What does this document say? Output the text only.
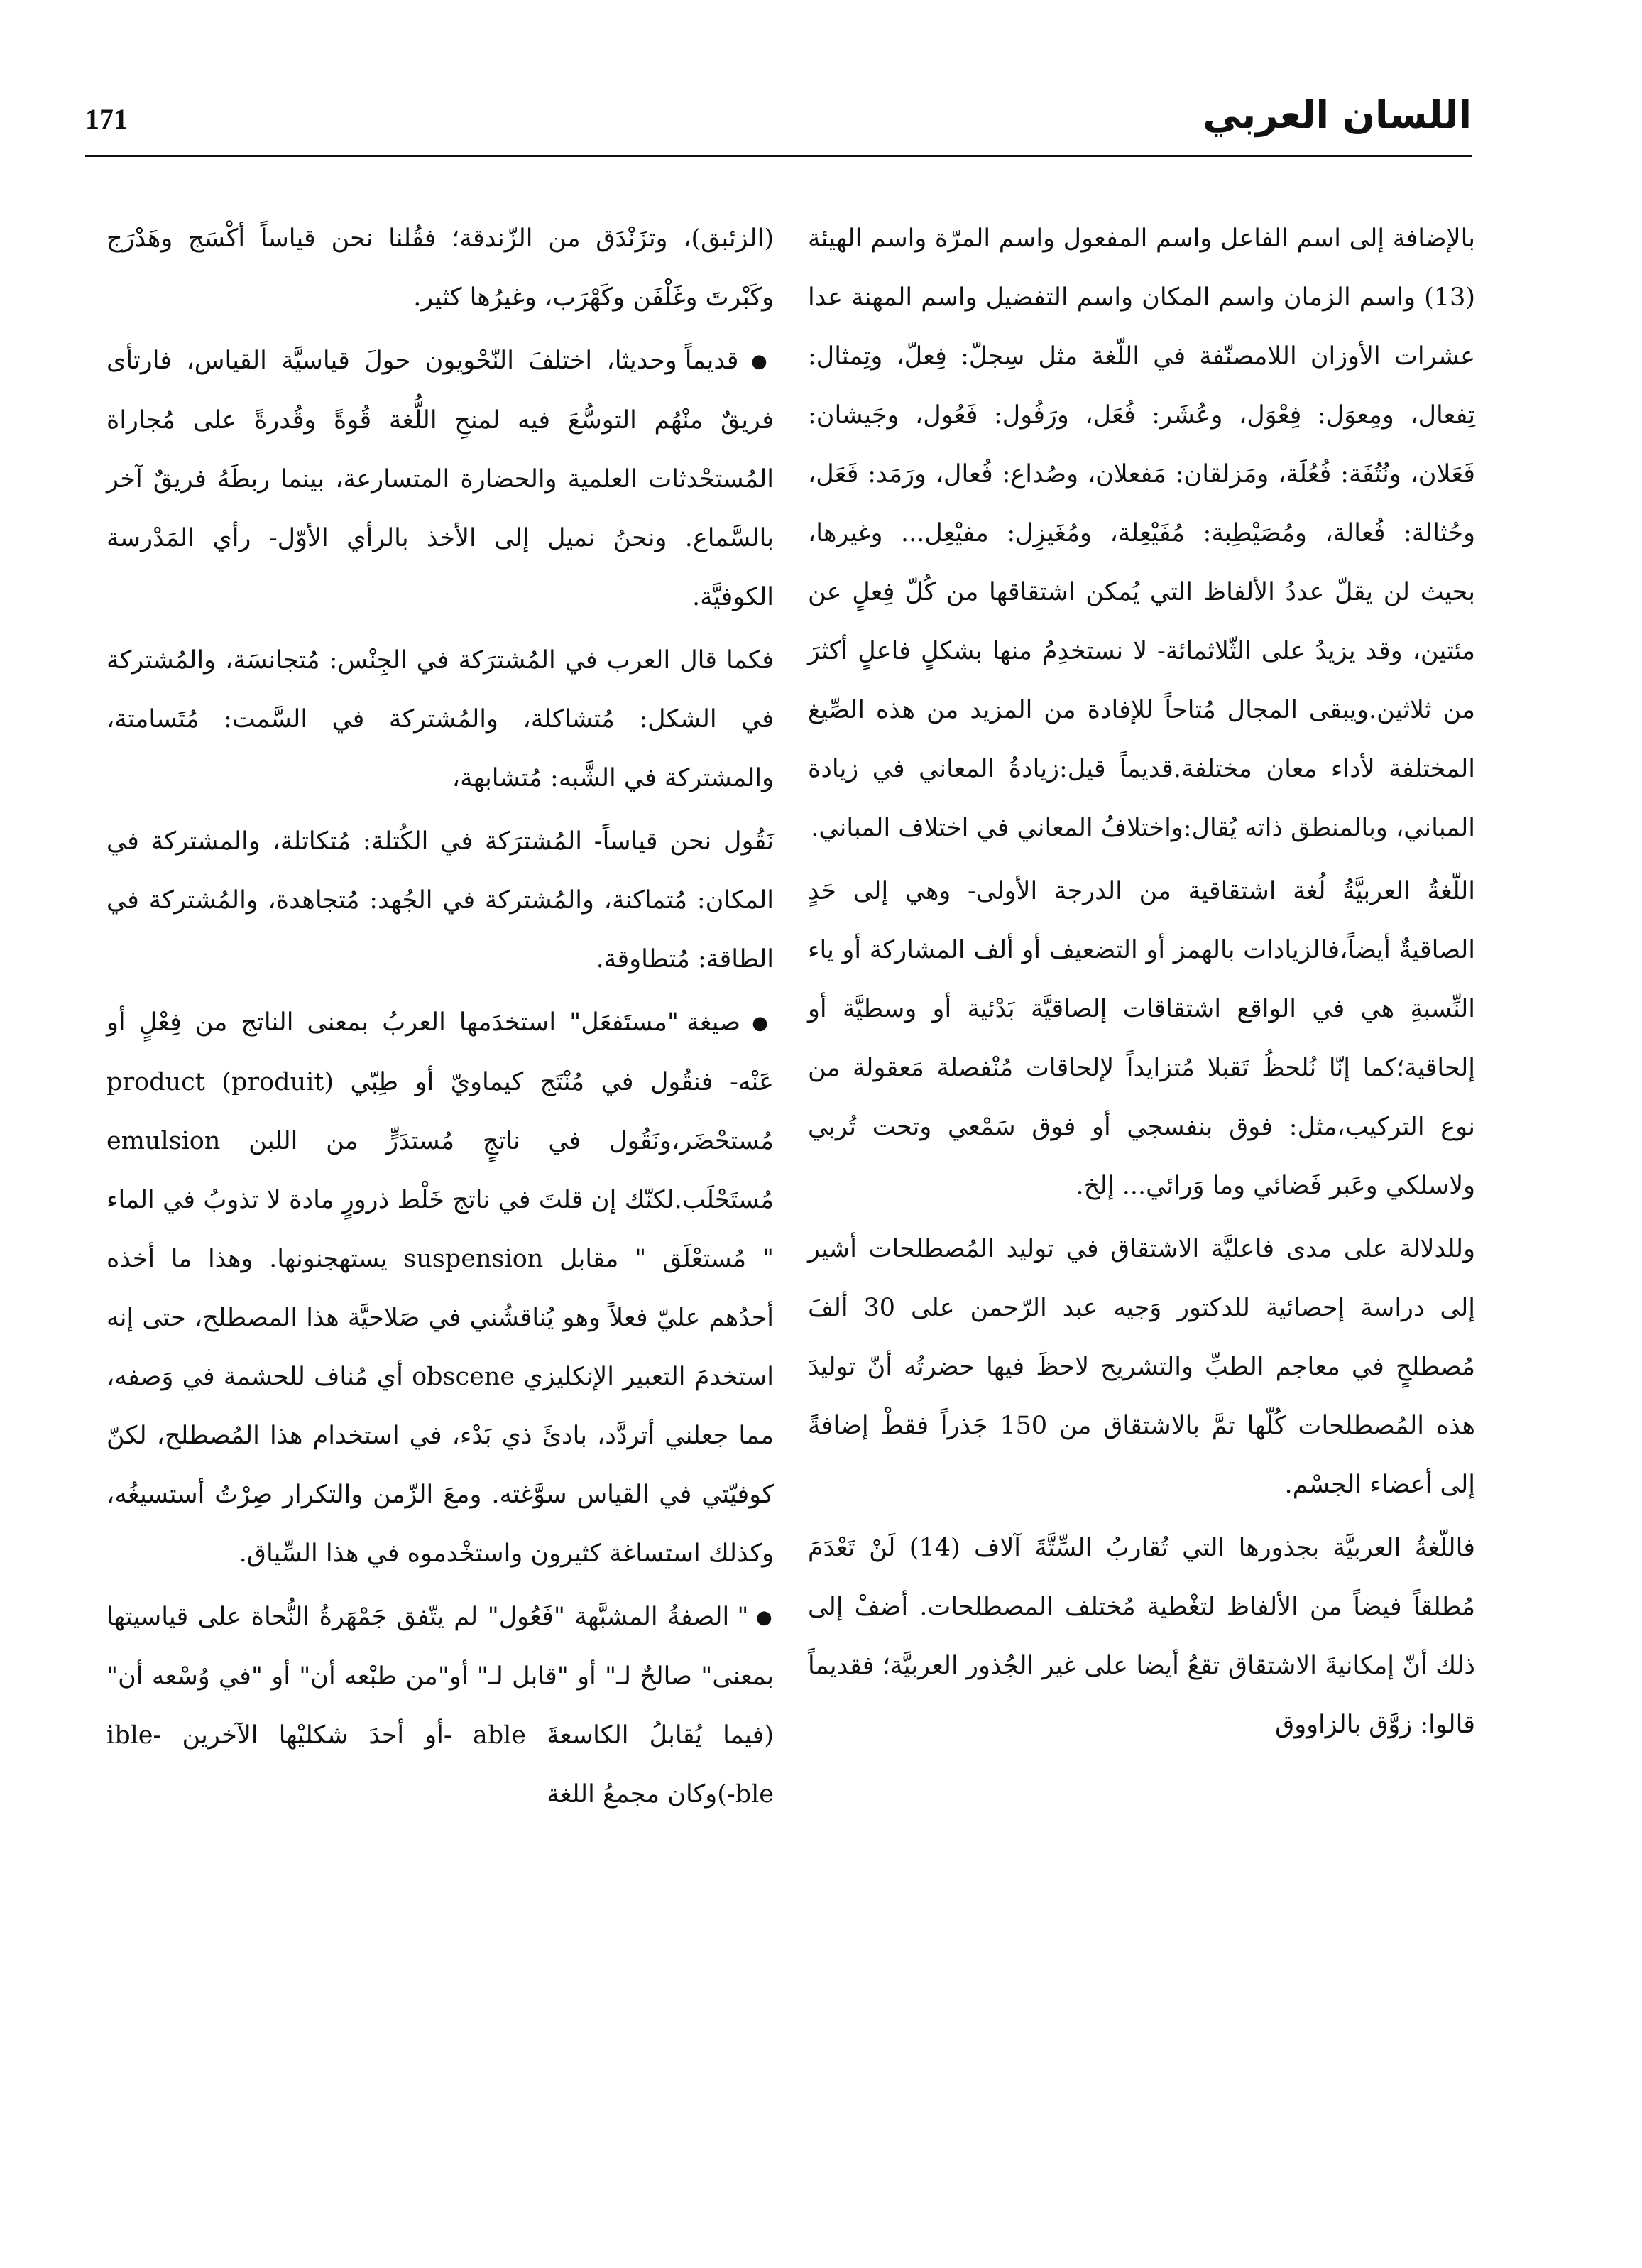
171	اللسان العربي

بالإضافة إلى اسم الفاعل واسم المفعول واسم المرّة واسم الهيئة (13) واسم الزمان واسم المكان واسم التفضيل واسم المهنة عدا عشرات الأوزان اللامصنّفة في اللّغة مثل سِجلّ: فِعلّ، وتِمثال: تِفعال، ومِعوَل: فِعْوَل، وعُشَر: فُعَل، ورَفُول: فَعُول، وجَيشان: فَعَلان، ونُتُفَة: فُعُلَة، ومَزلقان: مَفعلان، وصُداع: فُعال، ورَمَد: فَعَل، وحُثالة: فُعالة، ومُصَيْطِبة: مُفَيْعِلة، ومُغَيزِل: مفيْعِل... وغيرها، بحيث لن يقلّ عددُ الألفاظ التي يُمكن اشتقاقها من كُلّ فِعلٍ عن مئتين، وقد يزيدُ على الثّلاثمائة- لا نستخدِمُ منها بشكلٍ فاعلٍ أكثرَ من ثلاثين.ويبقى المجال مُتاحاً للإفادة من المزيد من هذه الصِّيغ المختلفة لأداء معان مختلفة.قديماً قيل:زيادةُ المعاني في زيادة المباني، وبالمنطق ذاته يُقال:واختلافُ المعاني في اختلاف المباني.

اللّغةُ العربيَّةُ لُغة اشتقاقية من الدرجة الأولى- وهي إلى حَدٍ الصاقيةٌ أيضاً،فالزيادات بالهمز أو التضعيف أو ألف المشاركة أو ياء النِّسبةِ هي في الواقع اشتقاقات إلصاقيَّة بَدْئية أو وسطيَّة أو إلحاقية؛كما إنّا نُلحظُ تَقبلا مُتزايداً لإلحاقات مُنْفصلة مَعقولة من نوع التركيب،مثل: فوق بنفسجي أو فوق سَمْعي وتحت تُربي ولاسلكي وعَبر فَضائي وما وَرائي... إلخ.

وللدلالة على مدى فاعليَّة الاشتقاق في توليد المُصطلحات أشير إلى دراسة إحصائية للدكتور وَجيه عبد الرّحمن على 30 ألفَ مُصطلحٍ في معاجم الطبِّ والتشريح لاحظَ فيها حضرتُه أنّ توليدَ هذه المُصطلحات كُلّها تمَّ بالاشتقاق من 150 جَذراً فقطْ إضافةً إلى أعضاء الجسْم.

فاللّغةُ العربيَّة بجذورها التي تُقاربُ السِّتَّةَ آلاف (14) لَنْ تَعْدَمَ مُطلقاً فيضاً من الألفاظ لتغْطية مُختلف المصطلحات. أضفْ إلى ذلك أنّ إمكانيةَ الاشتقاق تقعُ أيضا على غير الجُذور العربيَّة؛ فقديماً قالوا: زوَّق بالزاووق

(الزئبق)، وتزَنْدَق من الزّندقة؛ فقُلنا نحن قياساً أكْسَج وهَدْرَج وكَبْرتَ وغَلْفَن وكَهْرَب، وغيرُها كثير.

● قديماً وحديثا، اختلفَ النّحْويون حولَ قياسيَّة القياس، فارتأى فريقٌ منْهُم التوسُّعَ فيه لمنحِ اللُّغة قُوةً وقُدرةً على مُجاراة المُستحْدثات العلمية والحضارة المتسارعة، بينما ربطَهُ فريقٌ آخر بالسَّماع. ونحنُ نميل إلى الأخذ بالرأي الأوّل- رأي المَدْرسة الكوفيَّة.

فكما قال العرب في المُشترَكة في الجِنْس: مُتجانسَة، والمُشتركة في الشكل: مُتشاكلة، والمُشتركة في السَّمت: مُتَسامتة، والمشتركة في الشَّبه: مُتشابهة،

نَقُول نحن قياساً- المُشترَكة في الكُتلة: مُتكاتلة، والمشتركة في المكان: مُتماكنة، والمُشتركة في الجُهد: مُتجاهدة، والمُشتركة في الطاقة: مُتطاوقة.

● صيغة "مستَفعَل" استخدَمها العربُ بمعنى الناتج من فِعْلٍ أو عَنْه- فنقُول في مُنْتَج كيماويّ أو طِبّي product (produit) مُستحْضَر،ونَقُول في ناتجٍ مُستدَرٍّ من اللبن emulsion مُستَحْلَب.لكنّك إن قلتَ في ناتج خَلْط ذرورٍ مادة لا تذوبُ في الماء " مُستعْلَق " مقابل suspension يستهجنونها. وهذا ما أخذه أحدُهم عليّ فعلاً وهو يُناقشُني في صَلاحيَّة هذا المصطلح، حتى إنه استخدمَ التعبير الإنكليزي obscene أي مُناف للحشمة في وَصفه، مما جعلني أتردَّد، بادئَ ذي بَدْء، في استخدام هذا المُصطلح، لكنّ كوفيّتي في القياس سوَّغته. ومعَ الزّمن والتكرار صِرْتُ أستسيغُه، وكذلك استساغة كثيرون واستخْدموه في هذا السِّياق.

● " الصفةُ المشبَّهة "فَعُول" لم يتّفق جَمْهَرةُ النُّحاة على قياسيتها بمعنى" صالحٌ لـ" أو "قابل لـ" أو"من طبْعه أن" أو "في وُسْعه أن" (فيما يُقابلُ الكاسعةَ able -أو أحدَ شكليْها الآخرين ible-ble-)وكان مجمعُ اللغة
